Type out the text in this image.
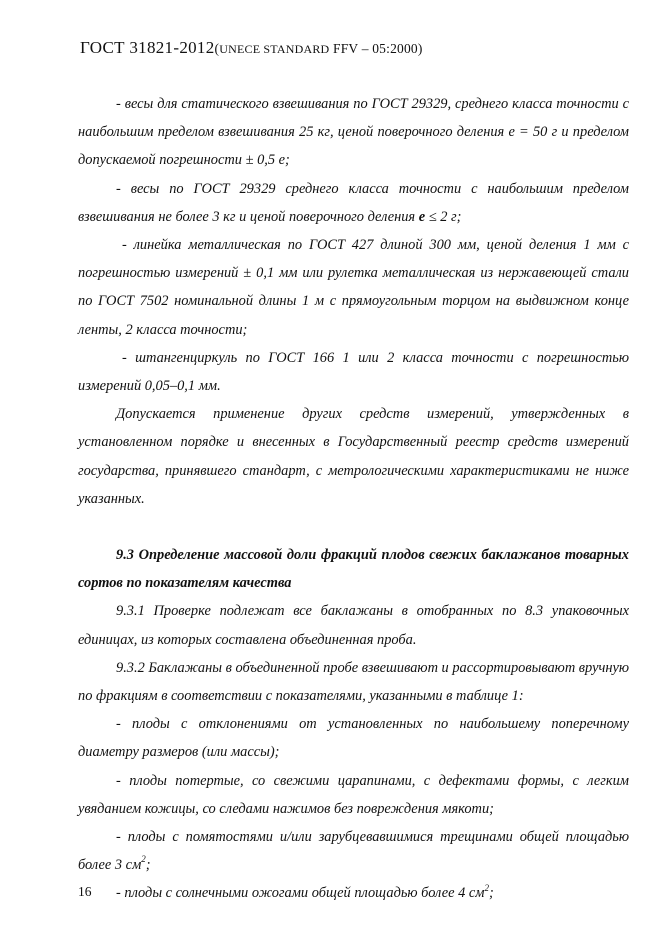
ГОСТ 31821-2012(UNECE STANDARD FFV – 05:2000)

- весы для статического взвешивания по ГОСТ 29329, среднего класса точности с наибольшим пределом взвешивания 25 кг, ценой поверочного деления е = 50 г и пределом допускаемой погрешности ± 0,5 е;

- весы по ГОСТ 29329 среднего класса точности с наибольшим пределом взвешивания не более 3 кг и ценой поверочного деления е ≤ 2 г;

- линейка металлическая по ГОСТ 427 длиной 300 мм, ценой деления 1 мм с погрешностью измерений ± 0,1 мм или рулетка металлическая из нержавеющей стали по ГОСТ 7502 номинальной длины 1 м с прямоугольным торцом на выдвижном конце ленты, 2 класса точности;

- штангенциркуль по ГОСТ 166 1 или 2 класса точности с погрешностью измерений 0,05–0,1 мм.

Допускается применение других средств измерений, утвержденных в установленном порядке и внесенных в Государственный реестр средств измерений государства, принявшего стандарт, с метрологическими характеристиками не ниже указанных.

9.3 Определение массовой доли фракций плодов свежих баклажанов товарных сортов по показателям качества

9.3.1 Проверке подлежат все баклажаны в отобранных по 8.3 упаковочных единицах, из которых составлена объединенная проба.

9.3.2 Баклажаны в объединенной пробе взвешивают и рассортировывают вручную по фракциям в соответствии с показателями, указанными в таблице 1:

- плоды с отклонениями от установленных по наибольшему поперечному диаметру размеров (или массы);

- плоды потертые, со свежими царапинами, с дефектами формы, с легким увяданием кожицы, со следами нажимов без повреждения мякоти;

- плоды с помятостями и/или зарубцевавшимися трещинами общей площадью более 3 $см^2$;

- плоды с солнечными ожогами общей площадью более 4 $см^2$;

16
